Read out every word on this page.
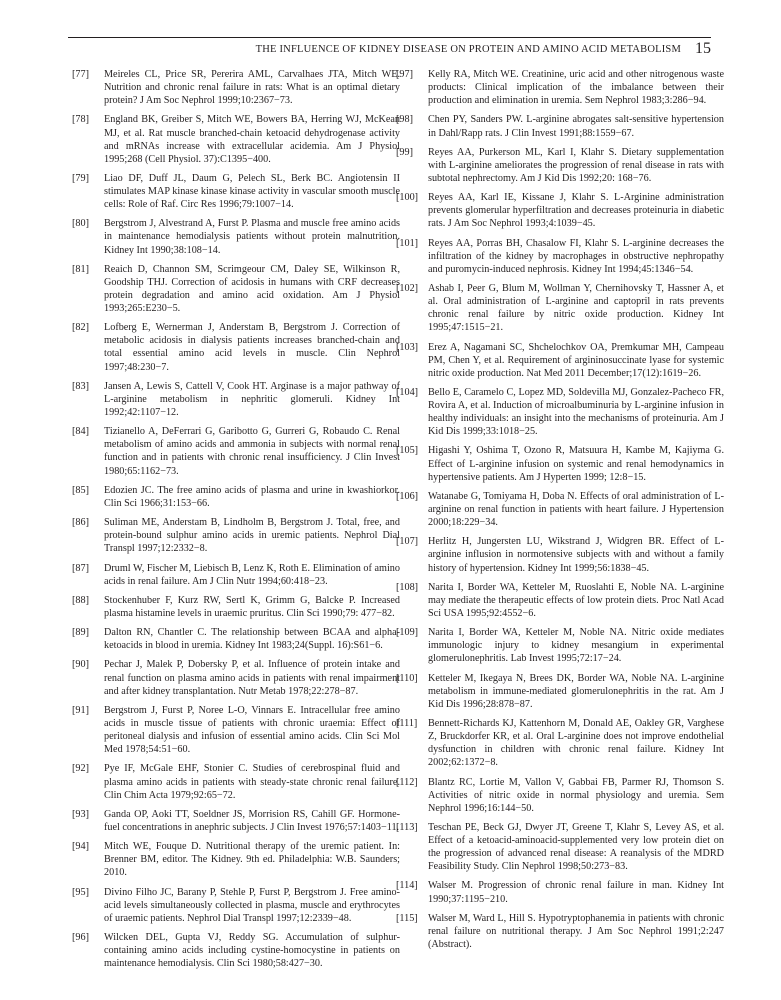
THE INFLUENCE OF KIDNEY DISEASE ON PROTEIN AND AMINO ACID METABOLISM 15
[77]	Meireles CL, Price SR, Pererira AML, Carvalhaes JTA, Mitch WE. Nutrition and chronic renal failure in rats: What is an optimal dietary protein? J Am Soc Nephrol 1999;10:2367−73.
[78]	England BK, Greiber S, Mitch WE, Bowers BA, Herring WJ, McKean MJ, et al. Rat muscle branched-chain ketoacid dehydrogenase activity and mRNAs increase with extracellular acidemia. Am J Physiol 1995;268 (Cell Physiol. 37):C1395−400.
[79]	Liao DF, Duff JL, Daum G, Pelech SL, Berk BC. Angiotensin II stimulates MAP kinase kinase kinase activity in vascular smooth muscle cells: Role of Raf. Circ Res 1996;79:1007−14.
[80]	Bergstrom J, Alvestrand A, Furst P. Plasma and muscle free amino acids in maintenance hemodialysis patients without protein malnutrition. Kidney Int 1990;38:108−14.
[81]	Reaich D, Channon SM, Scrimgeour CM, Daley SE, Wilkinson R, Goodship THJ. Correction of acidosis in humans with CRF decreases protein degradation and amino acid oxidation. Am J Physiol 1993;265:E230−5.
[82]	Lofberg E, Wernerman J, Anderstam B, Bergstrom J. Correction of metabolic acidosis in dialysis patients increases branched-chain and total essential amino acid levels in muscle. Clin Nephrol 1997;48:230−7.
[83]	Jansen A, Lewis S, Cattell V, Cook HT. Arginase is a major pathway of L-arginine metabolism in nephritic glomeruli. Kidney Int 1992;42:1107−12.
[84]	Tizianello A, DeFerrari G, Garibotto G, Gurreri G, Robaudo C. Renal metabolism of amino acids and ammonia in subjects with normal renal function and in patients with chronic renal insufficiency. J Clin Invest 1980;65:1162−73.
[85]	Edozien JC. The free amino acids of plasma and urine in kwashiorkor. Clin Sci 1966;31:153−66.
[86]	Suliman ME, Anderstam B, Lindholm B, Bergstrom J. Total, free, and protein-bound sulphur amino acids in uremic patients. Nephrol Dial Transpl 1997;12:2332−8.
[87]	Druml W, Fischer M, Liebisch B, Lenz K, Roth E. Elimination of amino acids in renal failure. Am J Clin Nutr 1994;60:418−23.
[88]	Stockenhuber F, Kurz RW, Sertl K, Grimm G, Balcke P. Increased plasma histamine levels in uraemic pruritus. Clin Sci 1990;79: 477−82.
[89]	Dalton RN, Chantler C. The relationship between BCAA and alpha-ketoacids in blood in uremia. Kidney Int 1983;24(Suppl. 16):S61−6.
[90]	Pechar J, Malek P, Dobersky P, et al. Influence of protein intake and renal function on plasma amino acids in patients with renal impairment and after kidney transplantation. Nutr Metab 1978;22:278−87.
[91]	Bergstrom J, Furst P, Noree L-O, Vinnars E. Intracellular free amino acids in muscle tissue of patients with chronic uraemia: Effect of peritoneal dialysis and infusion of essential amino acids. Clin Sci Mol Med 1978;54:51−60.
[92]	Pye IF, McGale EHF, Stonier C. Studies of cerebrospinal fluid and plasma amino acids in patients with steady-state chronic renal failure. Clin Chim Acta 1979;92:65−72.
[93]	Ganda OP, Aoki TT, Soeldner JS, Morrision RS, Cahill GF. Hormone-fuel concentrations in anephric subjects. J Clin Invest 1976;57:1403−11.
[94]	Mitch WE, Fouque D. Nutritional therapy of the uremic patient. In: Brenner BM, editor. The Kidney. 9th ed. Philadelphia: W.B. Saunders; 2010.
[95]	Divino Filho JC, Barany P, Stehle P, Furst P, Bergstrom J. Free amino-acid levels simultaneously collected in plasma, muscle and erythrocytes of uraemic patients. Nephrol Dial Transpl 1997;12:2339−48.
[96]	Wilcken DEL, Gupta VJ, Reddy SG. Accumulation of sulphur-containing amino acids including cystine-homocystine in patients on maintenance hemodialysis. Clin Sci 1980;58:427−30.
[97]	Kelly RA, Mitch WE. Creatinine, uric acid and other nitrogenous waste products: Clinical implication of the imbalance between their production and elimination in uremia. Sem Nephrol 1983;3:286−94.
[98]	Chen PY, Sanders PW. L-arginine abrogates salt-sensitive hypertension in Dahl/Rapp rats. J Clin Invest 1991;88:1559−67.
[99]	Reyes AA, Purkerson ML, Karl I, Klahr S. Dietary supplementation with L-arginine ameliorates the progression of renal disease in rats with subtotal nephrectomy. Am J Kid Dis 1992;20: 168−76.
[100] Reyes AA, Karl IE, Kissane J, Klahr S. L-Arginine administration prevents glomerular hyperfiltration and decreases proteinuria in diabetic rats. J Am Soc Nephrol 1993;4:1039−45.
[101] Reyes AA, Porras BH, Chasalow FI, Klahr S. L-arginine decreases the infiltration of the kidney by macrophages in obstructive nephropathy and puromycin-induced nephrosis. Kidney Int 1994;45:1346−54.
[102] Ashab I, Peer G, Blum M, Wollman Y, Chernihovsky T, Hassner A, et al. Oral administration of L-arginine and captopril in rats prevents chronic renal failure by nitric oxide production. Kidney Int 1995;47:1515−21.
[103] Erez A, Nagamani SC, Shchelochkov OA, Premkumar MH, Campeau PM, Chen Y, et al. Requirement of argininosuccinate lyase for systemic nitric oxide production. Nat Med 2011 December;17(12):1619−26.
[104] Bello E, Caramelo C, Lopez MD, Soldevilla MJ, Gonzalez-Pacheco FR, Rovira A, et al. Induction of microalbuminuria by L-arginine infusion in healthy individuals: an insight into the mechanisms of proteinuria. Am J Kid Dis 1999;33:1018−25.
[105] Higashi Y, Oshima T, Ozono R, Matsuura H, Kambe M, Kajiyma G. Effect of L-arginine infusion on systemic and renal hemodynamics in hypertensive patients. Am J Hyperten 1999; 12:8−15.
[106] Watanabe G, Tomiyama H, Doba N. Effects of oral administration of L-arginine on renal function in patients with heart failure. J Hypertension 2000;18:229−34.
[107] Herlitz H, Jungersten LU, Wikstrand J, Widgren BR. Effect of L-arginine influsion in normotensive subjects with and without a family history of hypertension. Kidney Int 1999;56:1838−45.
[108] Narita I, Border WA, Ketteler M, Ruoslahti E, Noble NA. L-arginine may mediate the therapeutic effects of low protein diets. Proc Natl Acad Sci USA 1995;92:4552−6.
[109] Narita I, Border WA, Ketteler M, Noble NA. Nitric oxide mediates immunologic injury to kidney mesangium in experimental glomerulonephritis. Lab Invest 1995;72:17−24.
[110]	Ketteler M, Ikegaya N, Brees DK, Border WA, Noble NA. L-arginine metabolism in immune-mediated glomerulonephritis in the rat. Am J Kid Dis 1996;28:878−87.
[111]	Bennett-Richards KJ, Kattenhorn M, Donald AE, Oakley GR, Varghese Z, Bruckdorfer KR, et al. Oral L-arginine does not improve endothelial dysfunction in children with chronic renal failure. Kidney Int 2002;62:1372−8.
[112]	Blantz RC, Lortie M, Vallon V, Gabbai FB, Parmer RJ, Thomson S. Activities of nitric oxide in normal physiology and uremia. Sem Nephrol 1996;16:144−50.
[113]	Teschan PE, Beck GJ, Dwyer JT, Greene T, Klahr S, Levey AS, et al. Effect of a ketoacid-aminoacid-supplemented very low protein diet on the progression of advanced renal disease: A reanalysis of the MDRD Feasibility Study. Clin Nephrol 1998;50:273−83.
[114]	Walser M. Progression of chronic renal failure in man. Kidney Int 1990;37:1195−210.
[115]	Walser M, Ward L, Hill S. Hypotryptophanemia in patients with chronic renal failure on nutritional therapy. J Am Soc Nephrol 1991;2:247 (Abstract).
